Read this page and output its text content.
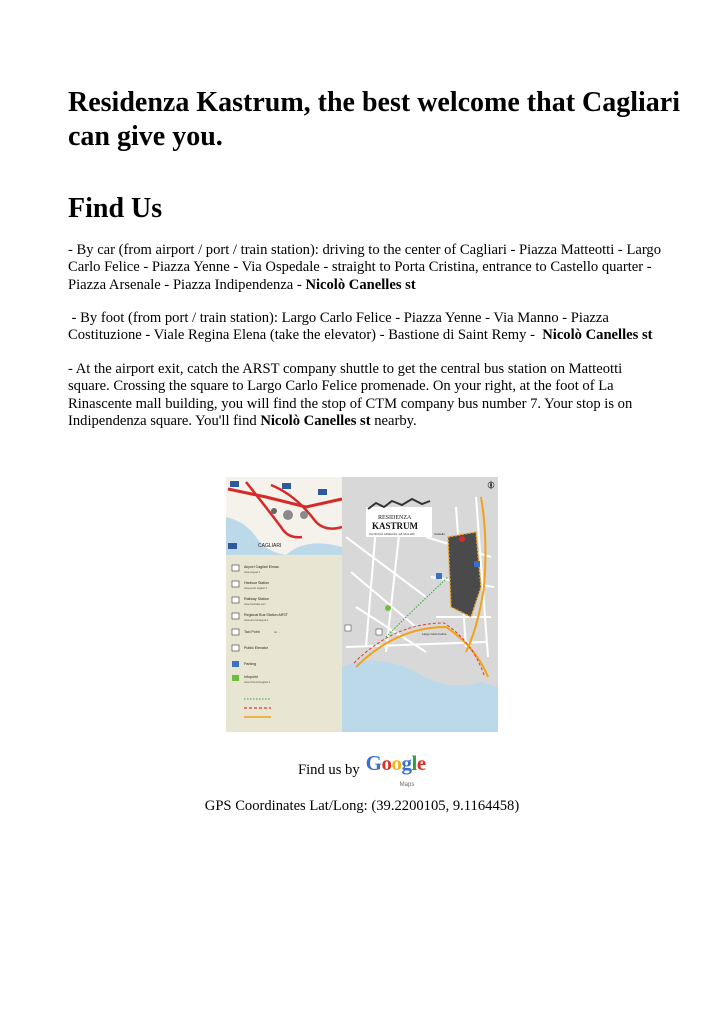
Residenza Kastrum, the best welcome that Cagliari can give you.
Find Us

- By car (from airport / port / train station): driving to the center of Cagliari - Piazza Matteotti - Largo Carlo Felice - Piazza Yenne - Via Ospedale - straight to Porta Cristina, entrance to Castello quarter - Piazza Arsenale - Piazza Indipendenza - Nicolò Canelles st

- By foot (from port / train station): Largo Carlo Felice - Piazza Yenne - Via Manno - Piazza Costituzione - Viale Regina Elena (take the elevator) - Bastione di Saint Remy -  Nicolò Canelles st

- At the airport exit, catch the ARST company shuttle to get the central bus station on Matteotti square. Crossing the square to Largo Carlo Felice promenade. On your right, at the foot of La Rinascente mall building, you will find the stop of CTM company bus number 7. Your stop is on Indipendenza square. You'll find Nicolò Canelles st nearby.

CAGLIARI
Airport Cagliari Elmas
www.sogaer.it
Harbour Station
www.porto.cagliari.it
Railway Station
www.trenitalia.com
Regional Bus Station ARST
www.arst.sardegna.it
Taxi Point	tel. ...
Public Elevator
Parking
Infopoint
www.infopointcagliari.it
RESIDENZA
KASTRUM
VIA NICOLÒ CANELLES, 115 CAGLIARI
Largo Carlo Felice
Castello
Find us by Google
Maps
GPS Coordinates Lat/Long: (39.2200105, 9.1164458)
